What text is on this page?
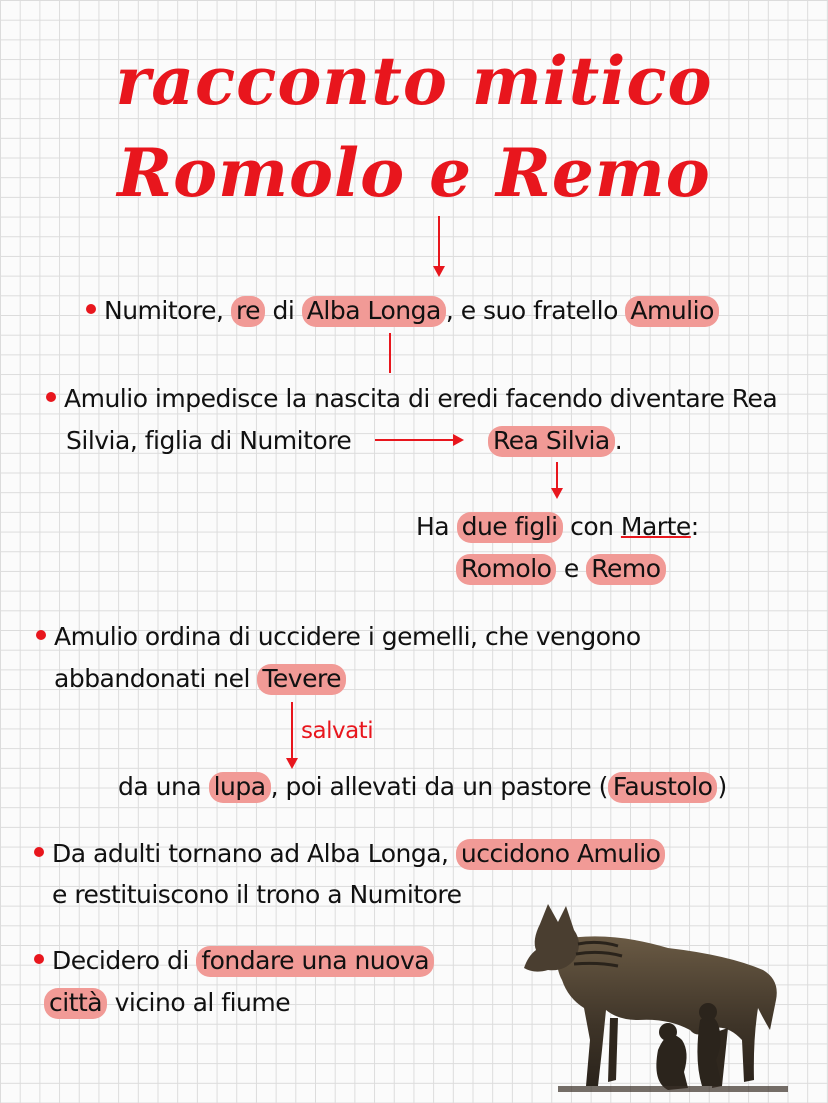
racconto mitico
Romolo e Remo
Numitore, re di Alba Longa , e suo fratello Amulio
Amulio impedisce la nascita di eredi facendo diventare Rea
Silvia, figlia di Numitore	Rea Silvia .
Ha due figli con Marte:
Romolo e Remo
Amulio ordina di uccidere i gemelli, che vengono
abbandonati nel Tevere
salvati
da una lupa , poi allevati da un pastore ( Faustolo )
Da adulti tornano ad Alba Longa, uccidono Amulio
e restituiscono il trono a Numitore
Decidero di fondare una nuova
città vicino al fiume
